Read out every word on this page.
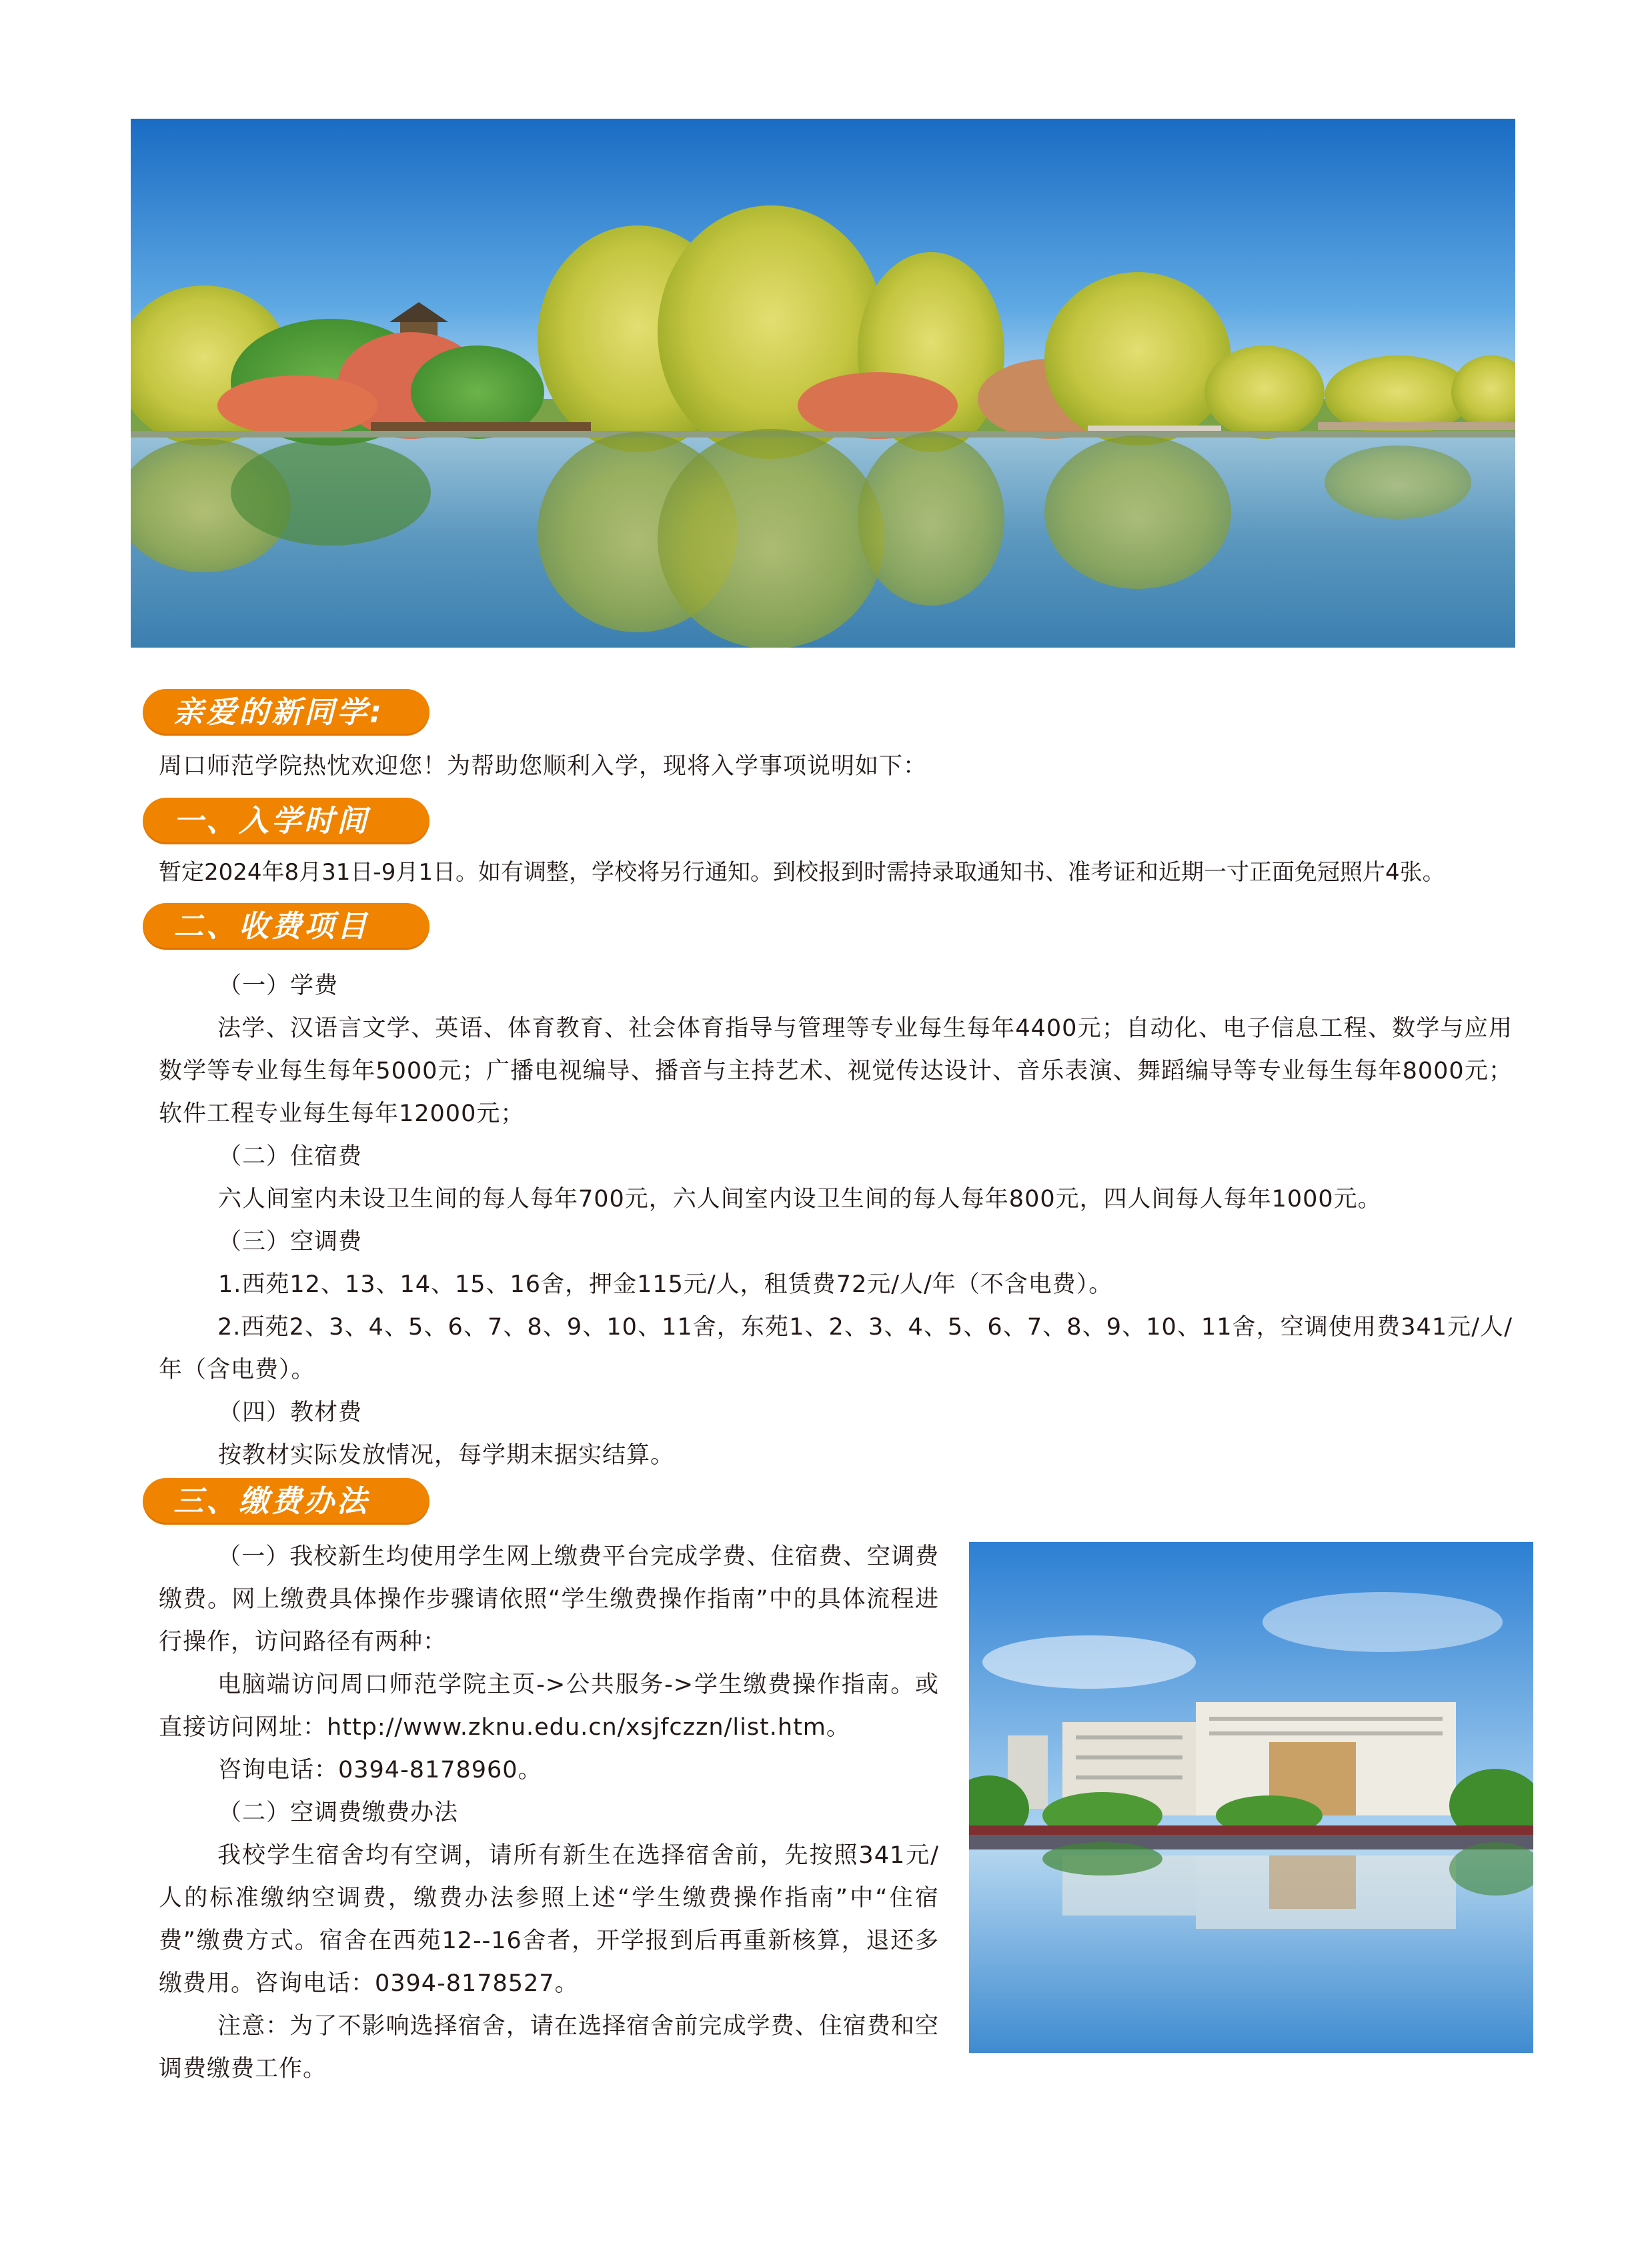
亲爱的新同学:
周口师范学院热忱欢迎您！为帮助您顺利入学，现将入学事项说明如下：
一、入学时间
暂定2024年8月31日-9月1日。如有调整，学校将另行通知。到校报到时需持录取通知书、准考证和近期一寸正面免冠照片4张。
二、收费项目
（一）学费
法学、汉语言文学、英语、体育教育、社会体育指导与管理等专业每生每年4400元；自动化、电子信息工程、数学与应用数学等专业每生每年5000元；广播电视编导、播音与主持艺术、视觉传达设计、音乐表演、舞蹈编导等专业每生每年8000元；软件工程专业每生每年12000元；
（二）住宿费
六人间室内未设卫生间的每人每年700元，六人间室内设卫生间的每人每年800元，四人间每人每年1000元。
（三）空调费
1.西苑12、13、14、15、16舍，押金115元/人，租赁费72元/人/年（不含电费）。
2.西苑2、3、4、5、6、7、8、9、10、11舍，东苑1、2、3、4、5、6、7、8、9、10、11舍，空调使用费341元/人/年（含电费）。
（四）教材费
按教材实际发放情况，每学期末据实结算。
三、缴费办法
（一）我校新生均使用学生网上缴费平台完成学费、住宿费、空调费缴费。网上缴费具体操作步骤请依照“学生缴费操作指南”中的具体流程进行操作，访问路径有两种：
电脑端访问周口师范学院主页->公共服务->学生缴费操作指南。或直接访问网址：http://www.zknu.edu.cn/xsjfczzn/list.htm。
咨询电话：0394-8178960。
（二）空调费缴费办法
我校学生宿舍均有空调，请所有新生在选择宿舍前，先按照341元/人的标准缴纳空调费，缴费办法参照上述“学生缴费操作指南”中“住宿费”缴费方式。宿舍在西苑12--16舍者，开学报到后再重新核算，退还多缴费用。咨询电话：0394-8178527。
注意：为了不影响选择宿舍，请在选择宿舍前完成学费、住宿费和空调费缴费工作。
